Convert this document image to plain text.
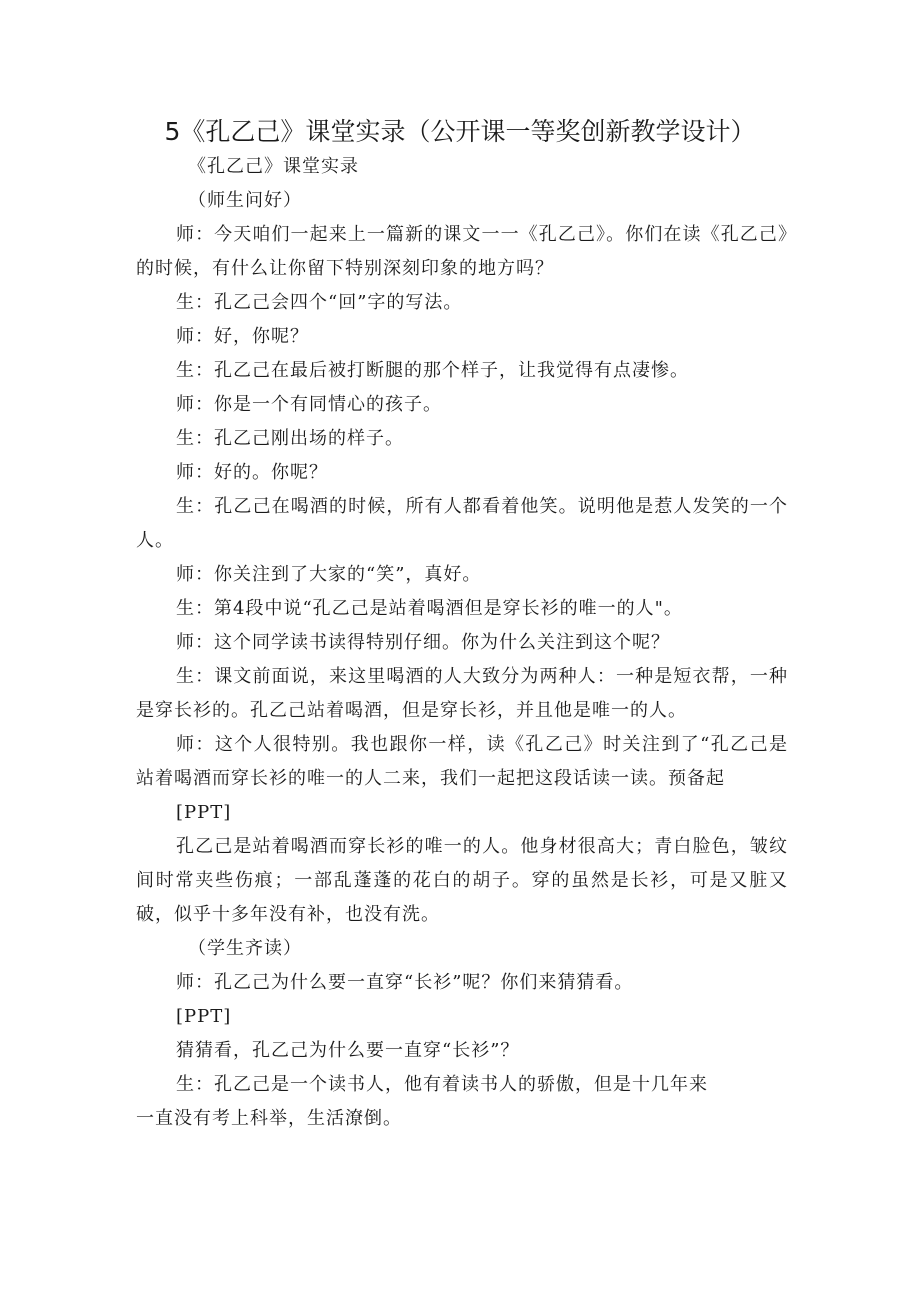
5《孔乙己》课堂实录（公开课一等奖创新教学设计）

《孔乙己》课堂实录

（师生问好）

师：今天咱们一起来上一篇新的课文一一《孔乙己》。你们在读《孔乙己》的时候，有什么让你留下特别深刻印象的地方吗？

生：孔乙己会四个“回”字的写法。

师：好，你呢？

生：孔乙己在最后被打断腿的那个样子，让我觉得有点凄惨。

师：你是一个有同情心的孩子。

生：孔乙己刚出场的样子。

师：好的。你呢？

生：孔乙己在喝酒的时候，所有人都看着他笑。说明他是惹人发笑的一个人。

师：你关注到了大家的“笑”，真好。

生：第4段中说“孔乙己是站着喝酒但是穿长衫的唯一的人"。

师：这个同学读书读得特别仔细。你为什么关注到这个呢？

生：课文前面说，来这里喝酒的人大致分为两种人：一种是短衣帮，一种是穿长衫的。孔乙己站着喝酒，但是穿长衫，并且他是唯一的人。

师：这个人很特别。我也跟你一样，读《孔乙己》时关注到了“孔乙己是站着喝酒而穿长衫的唯一的人二来，我们一起把这段话读一读。预备起

[PPT]

孔乙己是站着喝酒而穿长衫的唯一的人。他身材很高大；青白脸色，皱纹间时常夹些伤痕；一部乱蓬蓬的花白的胡子。穿的虽然是长衫，可是又脏又破，似乎十多年没有补，也没有洗。

（学生齐读）

师：孔乙己为什么要一直穿“长衫”呢？你们来猜猜看。

[PPT]

猜猜看，孔乙己为什么要一直穿“长衫”？

生：孔乙己是一个读书人，他有着读书人的骄傲，但是十几年来

一直没有考上科举，生活潦倒。
